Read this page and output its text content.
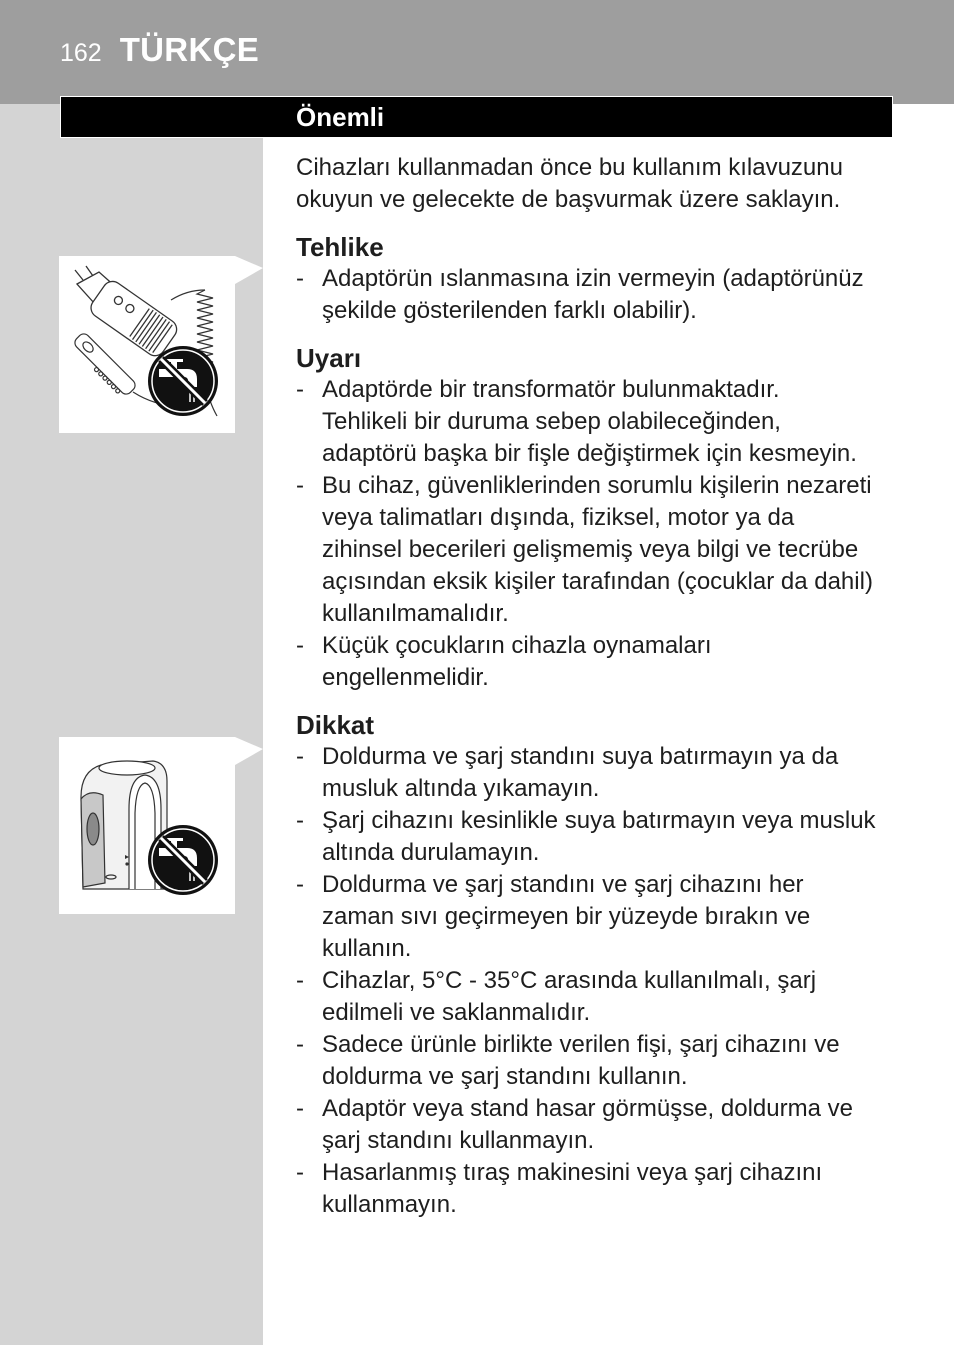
162 TÜRKÇE
Önemli

Cihazları kullanmadan önce bu kullanım kılavuzunu
okuyun ve gelecekte de başvurmak üzere saklayın.

Tehlike
- Adaptörün ıslanmasına izin vermeyin (adaptörünüz
şekilde gösterilenden farklı olabilir).
Uyarı
- Adaptörde bir transformatör bulunmaktadır.
Tehlikeli bir duruma sebep olabileceğinden,
adaptörü başka bir fişle değiştirmek için kesmeyin.
- Bu cihaz, güvenliklerinden sorumlu kişilerin nezareti
veya talimatları dışında, fiziksel, motor ya da
zihinsel becerileri gelişmemiş veya bilgi ve tecrübe
açısından eksik kişiler tarafından (çocuklar da dahil)
kullanılmamalıdır.
- Küçük çocukların cihazla oynamaları
engellenmelidir.
Dikkat
- Doldurma ve şarj standını suya batırmayın ya da
musluk altında yıkamayın.
- Şarj cihazını kesinlikle suya batırmayın veya musluk
altında durulamayın.
- Doldurma ve şarj standını ve şarj cihazını her
zaman sıvı geçirmeyen bir yüzeyde bırakın ve
kullanın.
- Cihazlar, 5°C - 35°C arasında kullanılmalı, şarj
edilmeli ve saklanmalıdır.
- Sadece ürünle birlikte verilen fişi, şarj cihazını ve
doldurma ve şarj standını kullanın.
- Adaptör veya stand hasar görmüşse, doldurma ve
şarj standını kullanmayın.
- Hasarlanmış tıraş makinesini veya şarj cihazını
kullanmayın.
